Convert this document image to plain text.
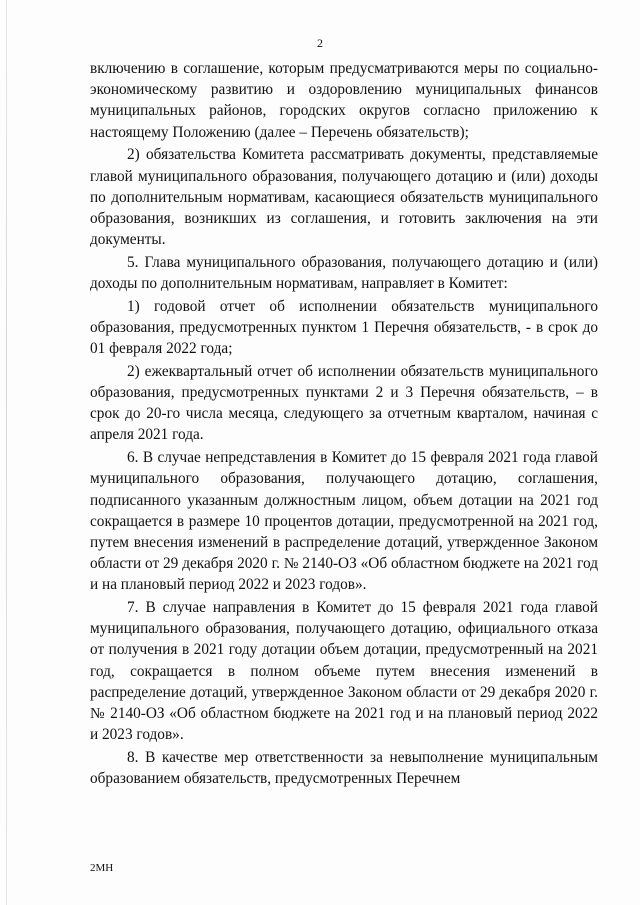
2

включению в соглашение, которым предусматриваются меры по социально-экономическому развитию и оздоровлению муниципальных финансов муниципальных районов, городских округов согласно приложению к настоящему Положению (далее – Перечень обязательств);

2) обязательства Комитета рассматривать документы, представляемые главой муниципального образования, получающего дотацию и (или) доходы по дополнительным нормативам, касающиеся обязательств муниципального образования, возникших из соглашения, и готовить заключения на эти документы.

5. Глава муниципального образования, получающего дотацию и (или) доходы по дополнительным нормативам, направляет в Комитет:

1) годовой отчет об исполнении обязательств муниципального образования, предусмотренных пунктом 1 Перечня обязательств, - в срок до 01 февраля 2022 года;

2) ежеквартальный отчет об исполнении обязательств муниципального образования, предусмотренных пунктами 2 и 3 Перечня обязательств, – в срок до 20-го числа месяца, следующего за отчетным кварталом, начиная с апреля 2021 года.

6. В случае непредставления в Комитет до 15 февраля 2021 года главой муниципального образования, получающего дотацию, соглашения, подписанного указанным должностным лицом, объем дотации на 2021 год сокращается в размере 10 процентов дотации, предусмотренной на 2021 год, путем внесения изменений в распределение дотаций, утвержденное Законом области от 29 декабря 2020 г. № 2140-ОЗ «Об областном бюджете на 2021 год и на плановый период 2022 и 2023 годов».

7. В случае направления в Комитет до 15 февраля 2021 года главой муниципального образования, получающего дотацию, официального отказа от получения в 2021 году дотации объем дотации, предусмотренный на 2021 год, сокращается в полном объеме путем внесения изменений в распределение дотаций, утвержденное Законом области от 29 декабря 2020 г. № 2140-ОЗ «Об областном бюджете на 2021 год и на плановый период 2022 и 2023 годов».

8. В качестве мер ответственности за невыполнение муниципальным образованием обязательств, предусмотренных Перечнем

2МН
